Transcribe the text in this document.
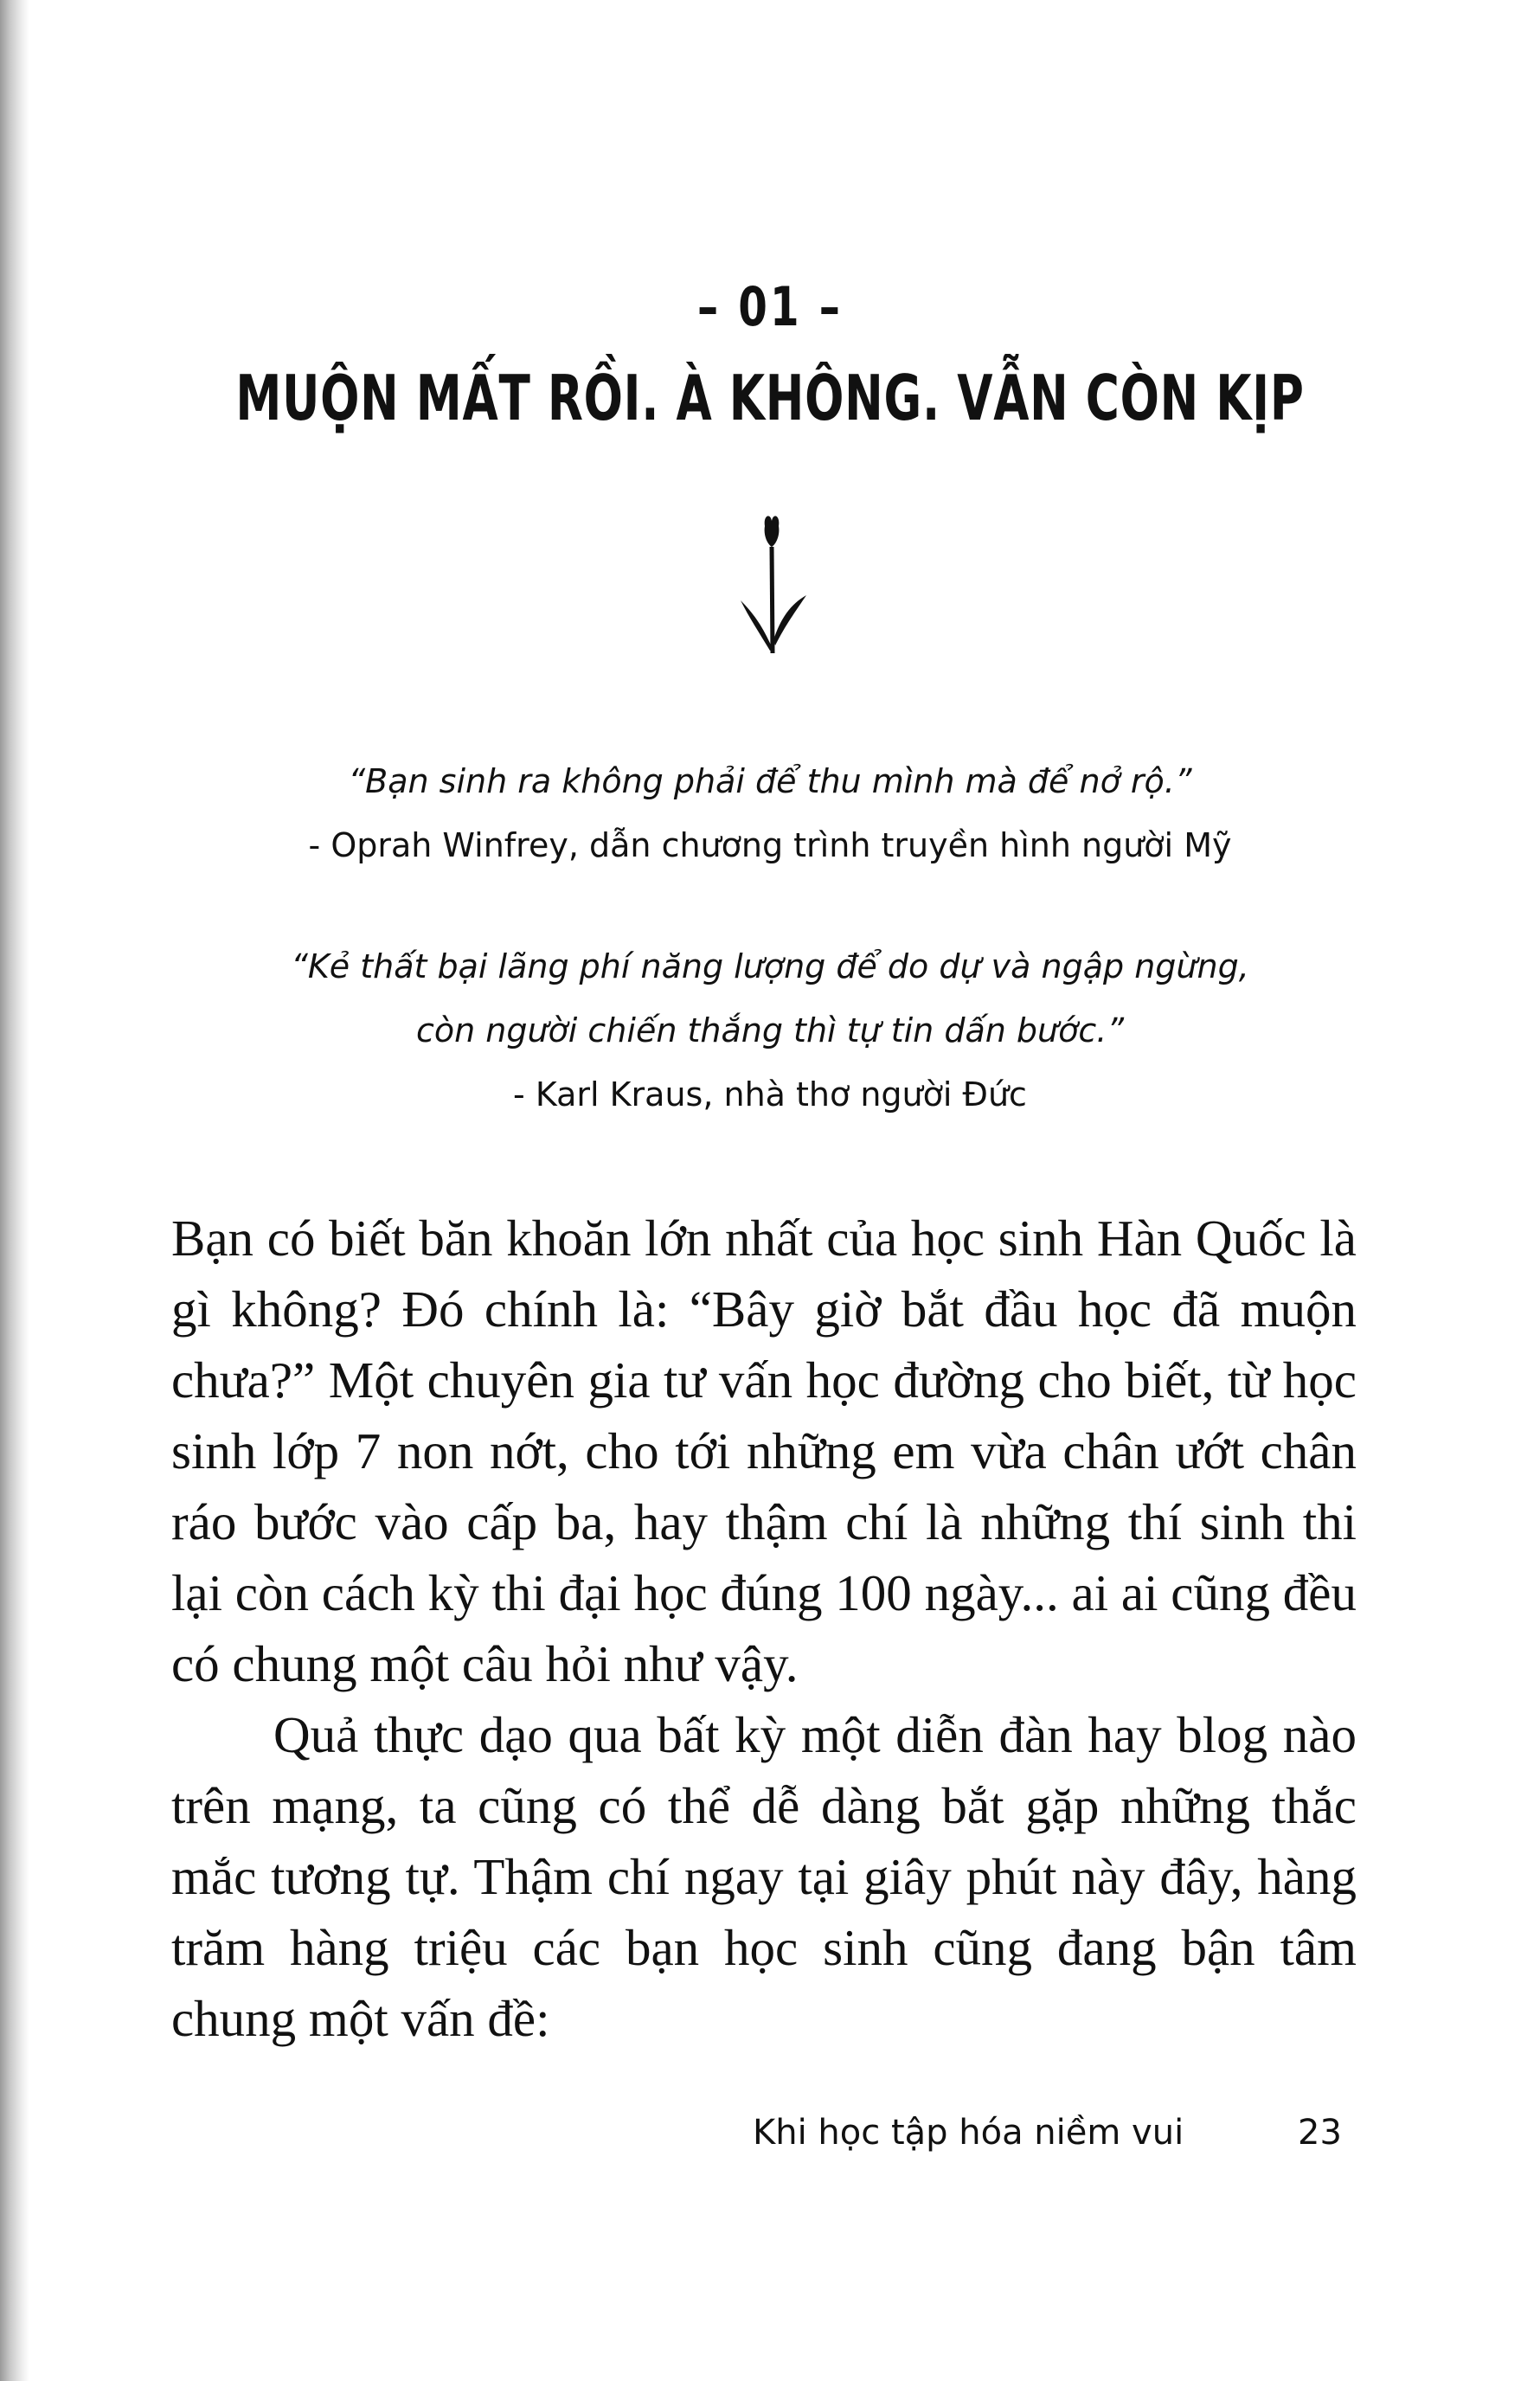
– 01 –
MUỘN MẤT RỒI. À KHÔNG. VẪN CÒN KỊP

“Bạn sinh ra không phải để thu mình mà để nở rộ.”

- Oprah Winfrey, dẫn chương trình truyền hình người Mỹ

“Kẻ thất bại lãng phí năng lượng để do dự và ngập ngừng,

còn người chiến thắng thì tự tin dấn bước.”

- Karl Kraus, nhà thơ người Đức

Bạn có biết băn khoăn lớn nhất của học sinh Hàn Quốc là gì không? Đó chính là: “Bây giờ bắt đầu học đã muộn chưa?” Một chuyên gia tư vấn học đường cho biết, từ học sinh lớp 7 non nớt, cho tới những em vừa chân ướt chân ráo bước vào cấp ba, hay thậm chí là những thí sinh thi lại còn cách kỳ thi đại học đúng 100 ngày... ai ai cũng đều có chung một câu hỏi như vậy.

Quả thực dạo qua bất kỳ một diễn đàn hay blog nào trên mạng, ta cũng có thể dễ dàng bắt gặp những thắc mắc tương tự. Thậm chí ngay tại giây phút này đây, hàng trăm hàng triệu các bạn học sinh cũng đang bận tâm chung một vấn đề:

Khi học tập hóa niềm vui	23
